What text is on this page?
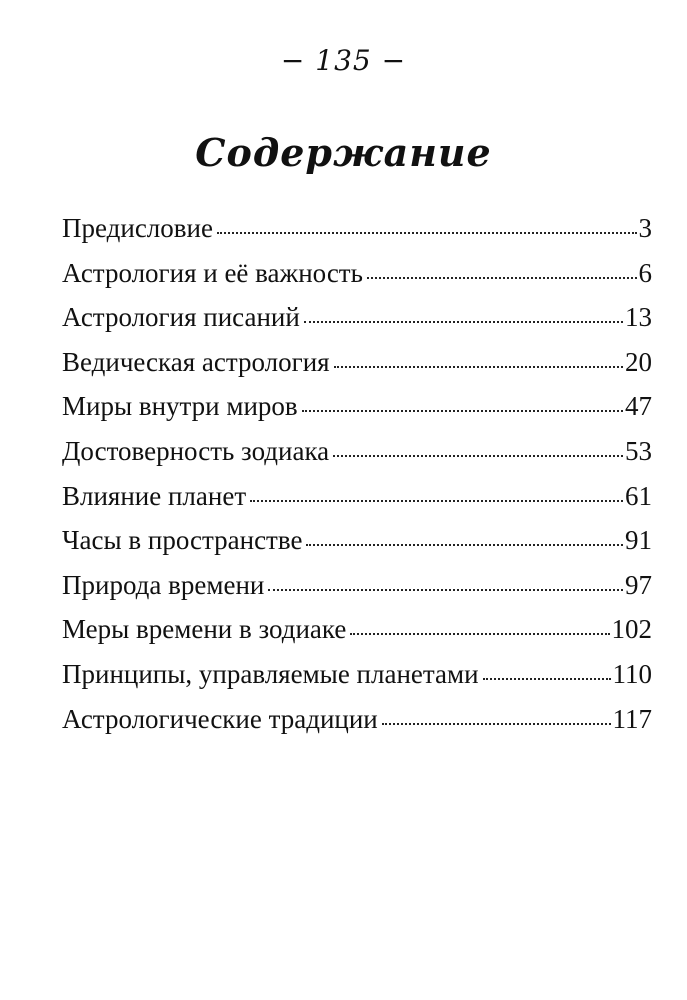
− 135 −
Содержание
Предисловие	3
Астрология и её важность	6
Астрология писаний	13
Ведическая астрология	20
Миры внутри миров	47
Достоверность зодиака	53
Влияние планет	61
Часы в пространстве	91
Природа времени	97
Меры времени в зодиаке	102
Принципы, управляемые планетами	110
Астрологические традиции	117
